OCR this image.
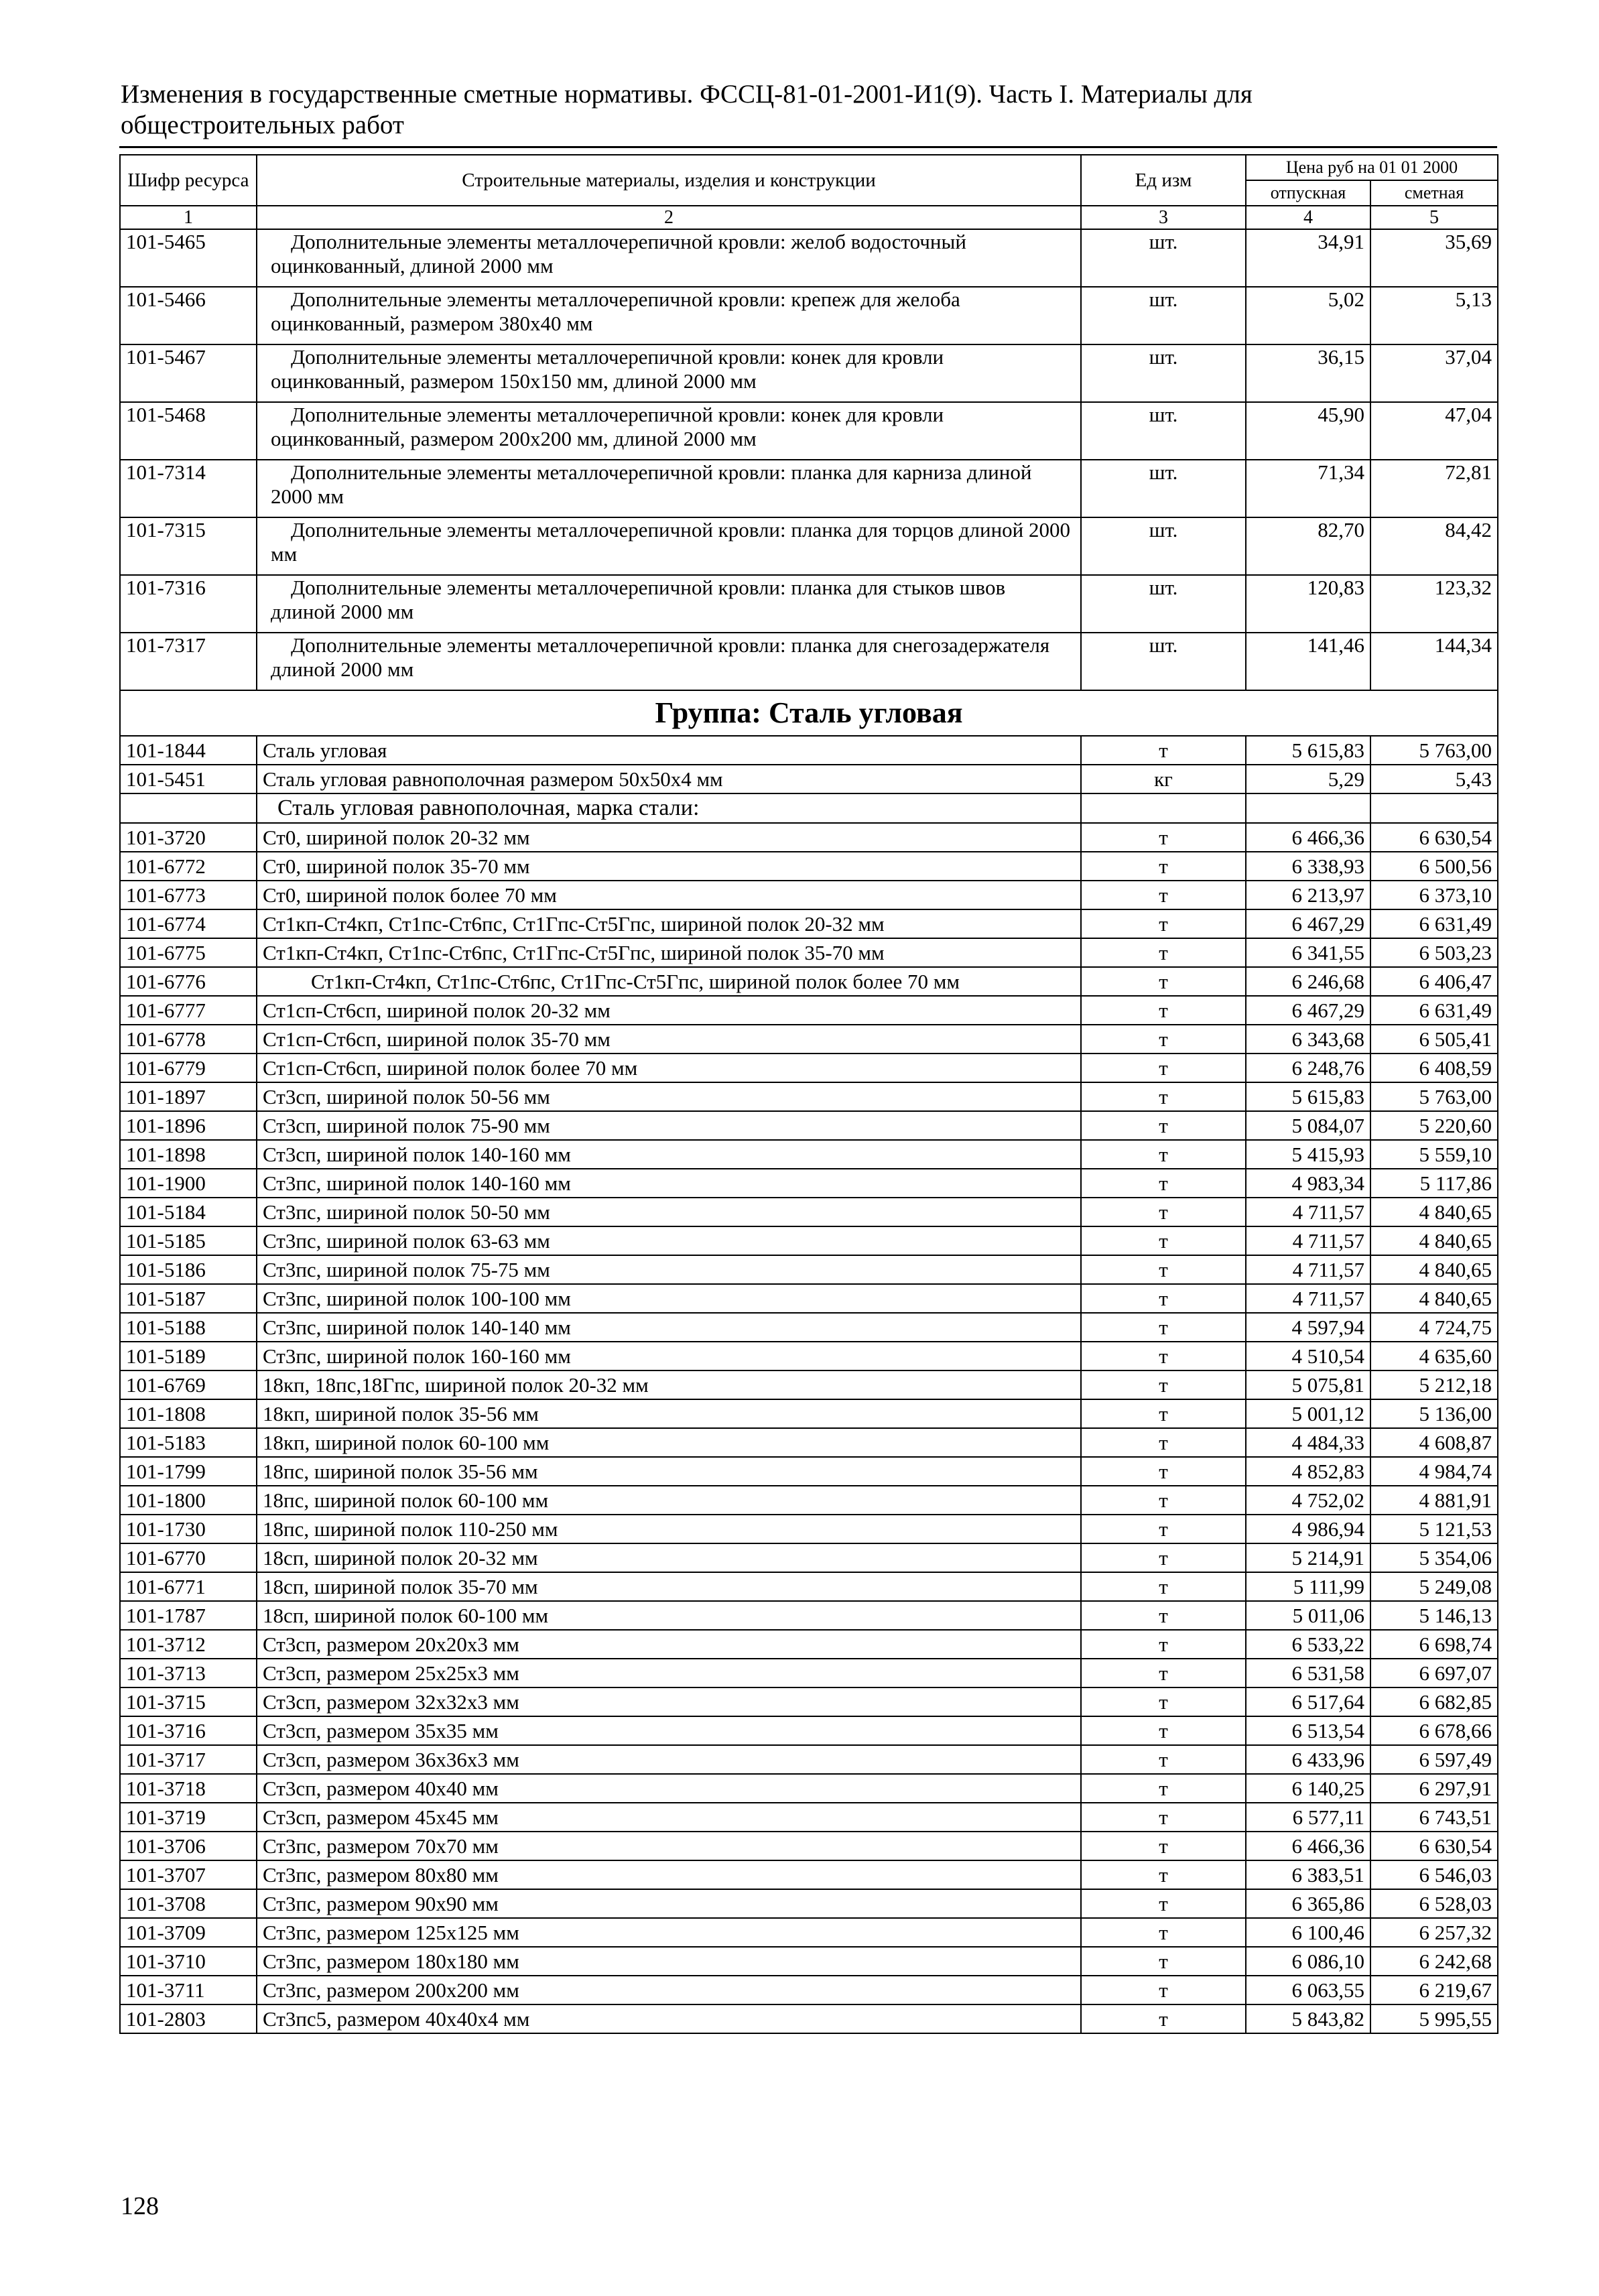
Изменения в государственные сметные нормативы. ФССЦ-81-01-2001-И1(9). Часть I. Материалы для
общестроительных работ
Шифр ресурса	Строительные материалы, изделия и конструкции	Ед изм	Цена руб на 01 01 2000	
			отпускная	сметная
1	2	3	4	5
101-5465	Дополнительные элементы металлочерепичной кровли: желоб водосточный оцинкованный, длиной 2000 мм	шт.	34,91	35,69
101-5466	Дополнительные элементы металлочерепичной кровли: крепеж для желоба оцинкованный, размером 380x40 мм	шт.	5,02	5,13
101-5467	Дополнительные элементы металлочерепичной кровли: конек для кровли оцинкованный, размером 150x150 мм, длиной 2000 мм	шт.	36,15	37,04
101-5468	Дополнительные элементы металлочерепичной кровли: конек для кровли оцинкованный, размером 200x200 мм, длиной 2000 мм	шт.	45,90	47,04
101-7314	Дополнительные элементы металлочерепичной кровли: планка для карниза длиной 2000 мм	шт.	71,34	72,81
101-7315	Дополнительные элементы металлочерепичной кровли: планка для торцов длиной 2000 мм	шт.	82,70	84,42
101-7316	Дополнительные элементы металлочерепичной кровли: планка для стыков швов длиной 2000 мм	шт.	120,83	123,32
101-7317	Дополнительные элементы металлочерепичной кровли: планка для снегозадержателя длиной 2000 мм	шт.	141,46	144,34
Группа: Сталь угловая				
101-1844	Сталь угловая	т	5 615,83	5 763,00
101-5451	Сталь угловая равнополочная размером 50x50x4 мм	кг	5,29	5,43
	Сталь угловая равнополочная, марка стали:			
101-3720	Ст0, шириной полок 20-32 мм	т	6 466,36	6 630,54
101-6772	Ст0, шириной полок 35-70 мм	т	6 338,93	6 500,56
101-6773	Ст0, шириной полок более 70 мм	т	6 213,97	6 373,10
101-6774	Ст1кп-Ст4кп, Ст1пс-Ст6пс, Ст1Гпс-Ст5Гпс, шириной полок 20-32 мм	т	6 467,29	6 631,49
101-6775	Ст1кп-Ст4кп, Ст1пс-Ст6пс, Ст1Гпс-Ст5Гпс, шириной полок 35-70 мм	т	6 341,55	6 503,23
101-6776	Ст1кп-Ст4кп, Ст1пс-Ст6пс, Ст1Гпс-Ст5Гпс, шириной полок более 70 мм	т	6 246,68	6 406,47
101-6777	Ст1сп-Ст6сп, шириной полок 20-32 мм	т	6 467,29	6 631,49
101-6778	Ст1сп-Ст6сп, шириной полок 35-70 мм	т	6 343,68	6 505,41
101-6779	Ст1сп-Ст6сп, шириной полок более 70 мм	т	6 248,76	6 408,59
101-1897	Ст3сп, шириной полок 50-56 мм	т	5 615,83	5 763,00
101-1896	Ст3сп, шириной полок 75-90 мм	т	5 084,07	5 220,60
101-1898	Ст3сп, шириной полок 140-160 мм	т	5 415,93	5 559,10
101-1900	Ст3пс, шириной полок 140-160 мм	т	4 983,34	5 117,86
101-5184	Ст3пс, шириной полок 50-50 мм	т	4 711,57	4 840,65
101-5185	Ст3пс, шириной полок 63-63 мм	т	4 711,57	4 840,65
101-5186	Ст3пс, шириной полок 75-75 мм	т	4 711,57	4 840,65
101-5187	Ст3пс, шириной полок 100-100 мм	т	4 711,57	4 840,65
101-5188	Ст3пс, шириной полок 140-140 мм	т	4 597,94	4 724,75
101-5189	Ст3пс, шириной полок 160-160 мм	т	4 510,54	4 635,60
101-6769	18кп, 18пс,18Гпс, шириной полок 20-32 мм	т	5 075,81	5 212,18
101-1808	18кп, шириной полок 35-56 мм	т	5 001,12	5 136,00
101-5183	18кп, шириной полок 60-100 мм	т	4 484,33	4 608,87
101-1799	18пс, шириной полок 35-56 мм	т	4 852,83	4 984,74
101-1800	18пс, шириной полок 60-100 мм	т	4 752,02	4 881,91
101-1730	18пс, шириной полок 110-250 мм	т	4 986,94	5 121,53
101-6770	18сп, шириной полок 20-32 мм	т	5 214,91	5 354,06
101-6771	18сп, шириной полок 35-70 мм	т	5 111,99	5 249,08
101-1787	18сп, шириной полок 60-100 мм	т	5 011,06	5 146,13
101-3712	Ст3сп, размером 20x20x3 мм	т	6 533,22	6 698,74
101-3713	Ст3сп, размером 25x25x3 мм	т	6 531,58	6 697,07
101-3715	Ст3сп, размером 32x32x3 мм	т	6 517,64	6 682,85
101-3716	Ст3сп, размером 35x35 мм	т	6 513,54	6 678,66
101-3717	Ст3сп, размером 36x36x3 мм	т	6 433,96	6 597,49
101-3718	Ст3сп, размером 40x40 мм	т	6 140,25	6 297,91
101-3719	Ст3сп, размером 45x45 мм	т	6 577,11	6 743,51
101-3706	Ст3пс, размером 70x70 мм	т	6 466,36	6 630,54
101-3707	Ст3пс, размером 80x80 мм	т	6 383,51	6 546,03
101-3708	Ст3пс, размером 90x90 мм	т	6 365,86	6 528,03
101-3709	Ст3пс, размером 125x125 мм	т	6 100,46	6 257,32
101-3710	Ст3пс, размером 180x180 мм	т	6 086,10	6 242,68
101-3711	Ст3пс, размером 200x200 мм	т	6 063,55	6 219,67
101-2803	Ст3пс5, размером 40x40x4 мм	т	5 843,82	5 995,55
128
